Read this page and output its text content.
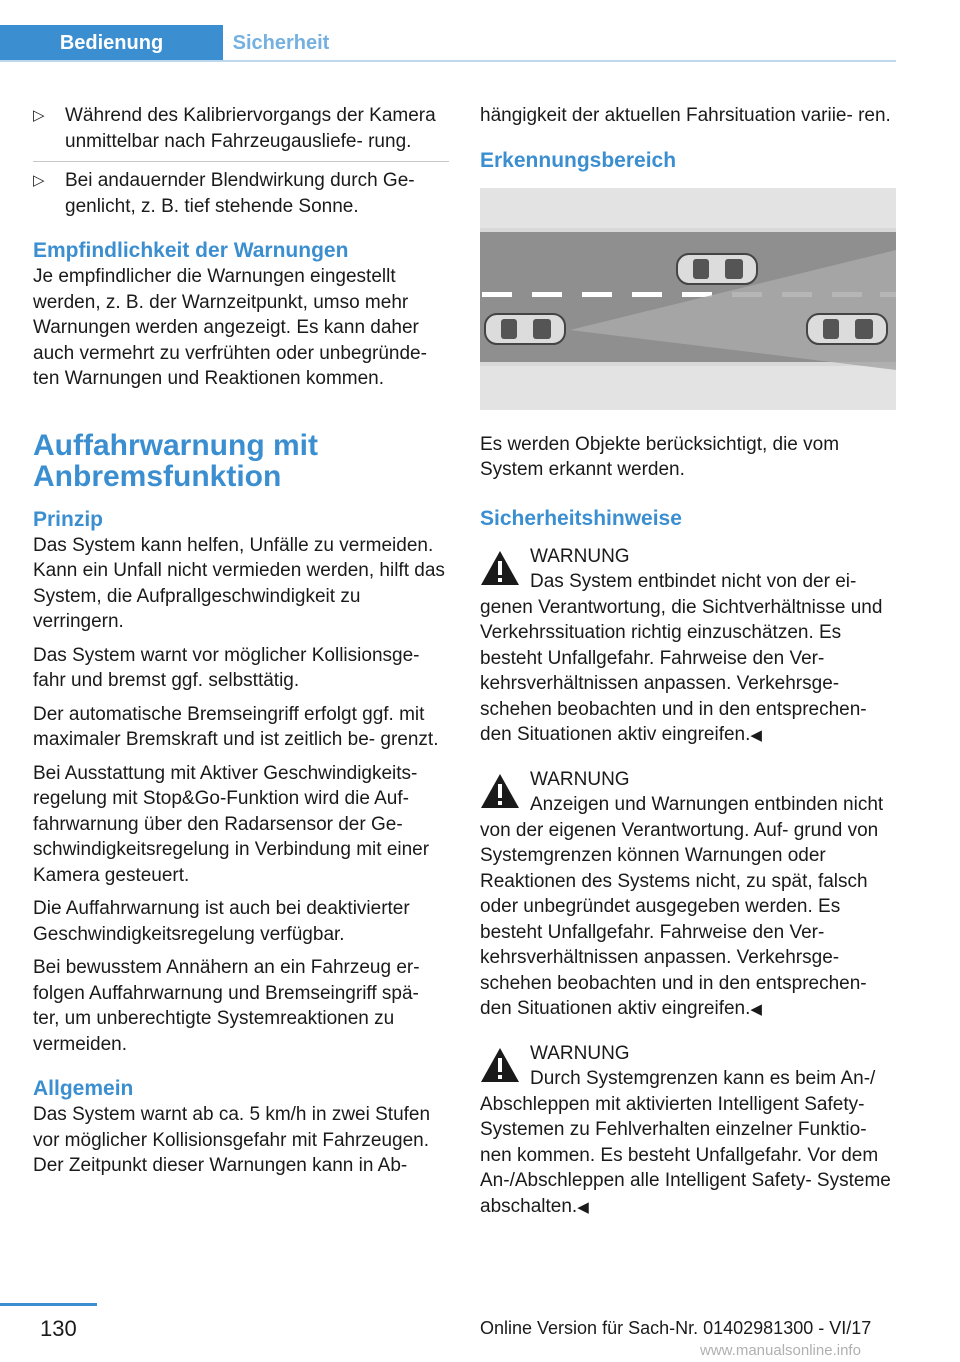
Bedienung	Sicherheit
▷ Während des Kalibriervorgangs der Kamera unmittelbar nach Fahrzeugausliefe- rung.
▷ Bei andauernder Blendwirkung durch Ge- genlicht, z. B. tief stehende Sonne.
Empfindlichkeit der Warnungen

Je empfindlicher die Warnungen eingestellt werden, z. B. der Warnzeitpunkt, umso mehr Warnungen werden angezeigt. Es kann daher auch vermehrt zu verfrühten oder unbegründe- ten Warnungen und Reaktionen kommen.

Auffahrwarnung mit
Anbremsfunktion
Prinzip

Das System kann helfen, Unfälle zu vermeiden. Kann ein Unfall nicht vermieden werden, hilft das System, die Aufprallgeschwindigkeit zu verringern.

Das System warnt vor möglicher Kollisionsge- fahr und bremst ggf. selbsttätig.

Der automatische Bremseingriff erfolgt ggf. mit maximaler Bremskraft und ist zeitlich be- grenzt.

Bei Ausstattung mit Aktiver Geschwindigkeits- regelung mit Stop&Go-Funktion wird die Auf- fahrwarnung über den Radarsensor der Ge- schwindigkeitsregelung in Verbindung mit einer Kamera gesteuert.

Die Auffahrwarnung ist auch bei deaktivierter Geschwindigkeitsregelung verfügbar.

Bei bewusstem Annähern an ein Fahrzeug er- folgen Auffahrwarnung und Bremseingriff spä- ter, um unberechtigte Systemreaktionen zu vermeiden.

Allgemein

Das System warnt ab ca. 5 km/h in zwei Stufen vor möglicher Kollisionsgefahr mit Fahrzeugen. Der Zeitpunkt dieser Warnungen kann in Ab-

hängigkeit der aktuellen Fahrsituation variie- ren.

Erkennungsbereich

Es werden Objekte berücksichtigt, die vom System erkannt werden.

Sicherheitshinweise
WARNUNG
Das System entbindet nicht von der ei- genen Verantwortung, die Sichtverhältnisse und Verkehrssituation richtig einzuschätzen. Es besteht Unfallgefahr. Fahrweise den Ver- kehrsverhältnissen anpassen. Verkehrsge- schehen beobachten und in den entsprechen- den Situationen aktiv eingreifen.◀
WARNUNG
Anzeigen und Warnungen entbinden nicht von der eigenen Verantwortung. Auf- grund von Systemgrenzen können Warnungen oder Reaktionen des Systems nicht, zu spät, falsch oder unbegründet ausgegeben werden. Es besteht Unfallgefahr. Fahrweise den Ver- kehrsverhältnissen anpassen. Verkehrsge- schehen beobachten und in den entsprechen- den Situationen aktiv eingreifen.◀
WARNUNG
Durch Systemgrenzen kann es beim An-/ Abschleppen mit aktivierten Intelligent Safety- Systemen zu Fehlverhalten einzelner Funktio- nen kommen. Es besteht Unfallgefahr. Vor dem An-/Abschleppen alle Intelligent Safety- Systeme abschalten.◀
130	Online Version für Sach-Nr. 01402981300 - VI/17
www.manualsonline.info
